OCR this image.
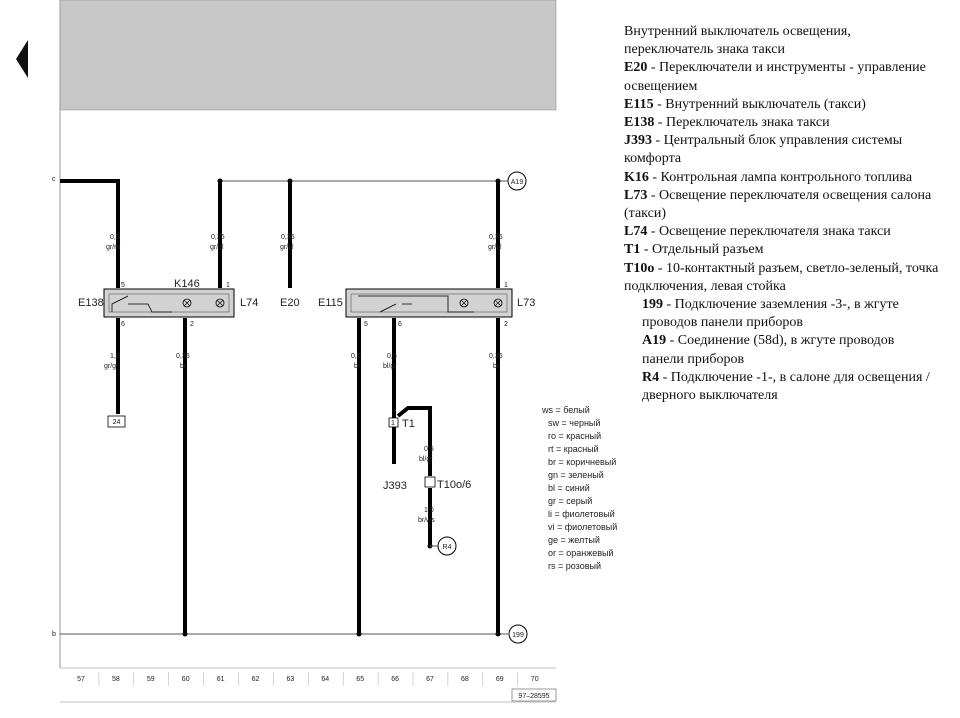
c	A19
b	199
0,5
gr/ro
0,35
gr/bl
0,35
gr/bl
0,35
gr/bl
E138
K146
L74
5	1
6	2
E20 E115	L73
5	6
1
2
1,0
gr/gn
0,35
br
0,5
br
0,5
bl/gr
0,35
br
0,5
bl/gr
1,0
br/ws
24	1 T1
J393	T10o/6
R4
ws = белый
sw = черный
ro = красный
rt = красный
br = коричневый
gn = зеленый
bl = синий
gr = серый
li = фиолетовый
vi = фиолетовый
ge = желтый
or = оранжевый
rs = розовый
57	58	59	60	61	62	63	64	65	66	67	68	69	70
97–28595

Внутренний выключатель освещения, переключатель знака такси

E20 - Переключатели и инструменты - управление освещением

E115 - Внутренний выключатель (такси)

E138 - Переключатель знака такси

J393 - Центральный блок управления системы комфорта

K16 - Контрольная лампа контрольного топлива

L73 - Освещение переключателя освещения салона (такси)

L74 - Освещение переключателя знака такси

T1 - Отдельный разъем

T10o - 10-контактный разъем, светло-зеленый, точка подключения, левая стойка

199 - Подключение заземления -3-, в жгуте проводов панели приборов

A19 - Соединение (58d), в жгуте проводов панели приборов

R4 - Подключение -1-, в салоне для освещения / дверного выключателя
